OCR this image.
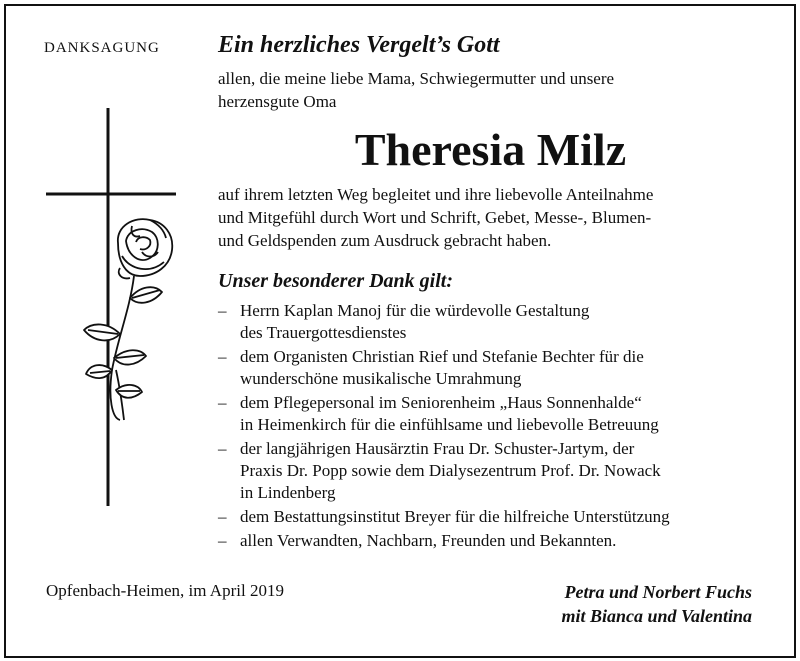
DANKSAGUNG Ein herzliches Vergelt’s Gott
allen, die meine liebe Mama, Schwiegermutter und unsere
herzensgute Oma
Theresia Milz
auf ihrem letzten Weg begleitet und ihre liebevolle Anteilnahme
und Mitgefühl durch Wort und Schrift, Gebet, Messe-, Blumen-
und Geldspenden zum Ausdruck gebracht haben.
Unser besonderer Dank gilt:
– Herrn Kaplan Manoj für die würdevolle Gestaltung
des Trauergottesdienstes
– dem Organisten Christian Rief und Stefanie Bechter für die
wunderschöne musikalische Umrahmung
– dem Pflegepersonal im Seniorenheim „Haus Sonnenhalde“
in Heimenkirch für die einfühlsame und liebevolle Betreuung
– der langjährigen Hausärztin Frau Dr. Schuster-Jartym, der
Praxis Dr. Popp sowie dem Dialysezentrum Prof. Dr. Nowack
in Lindenberg
– dem Bestattungsinstitut Breyer für die hilfreiche Unterstützung
– allen Verwandten, Nachbarn, Freunden und Bekannten.
Opfenbach-Heimen, im April 2019	Petra und Norbert Fuchs
mit Bianca und Valentina
